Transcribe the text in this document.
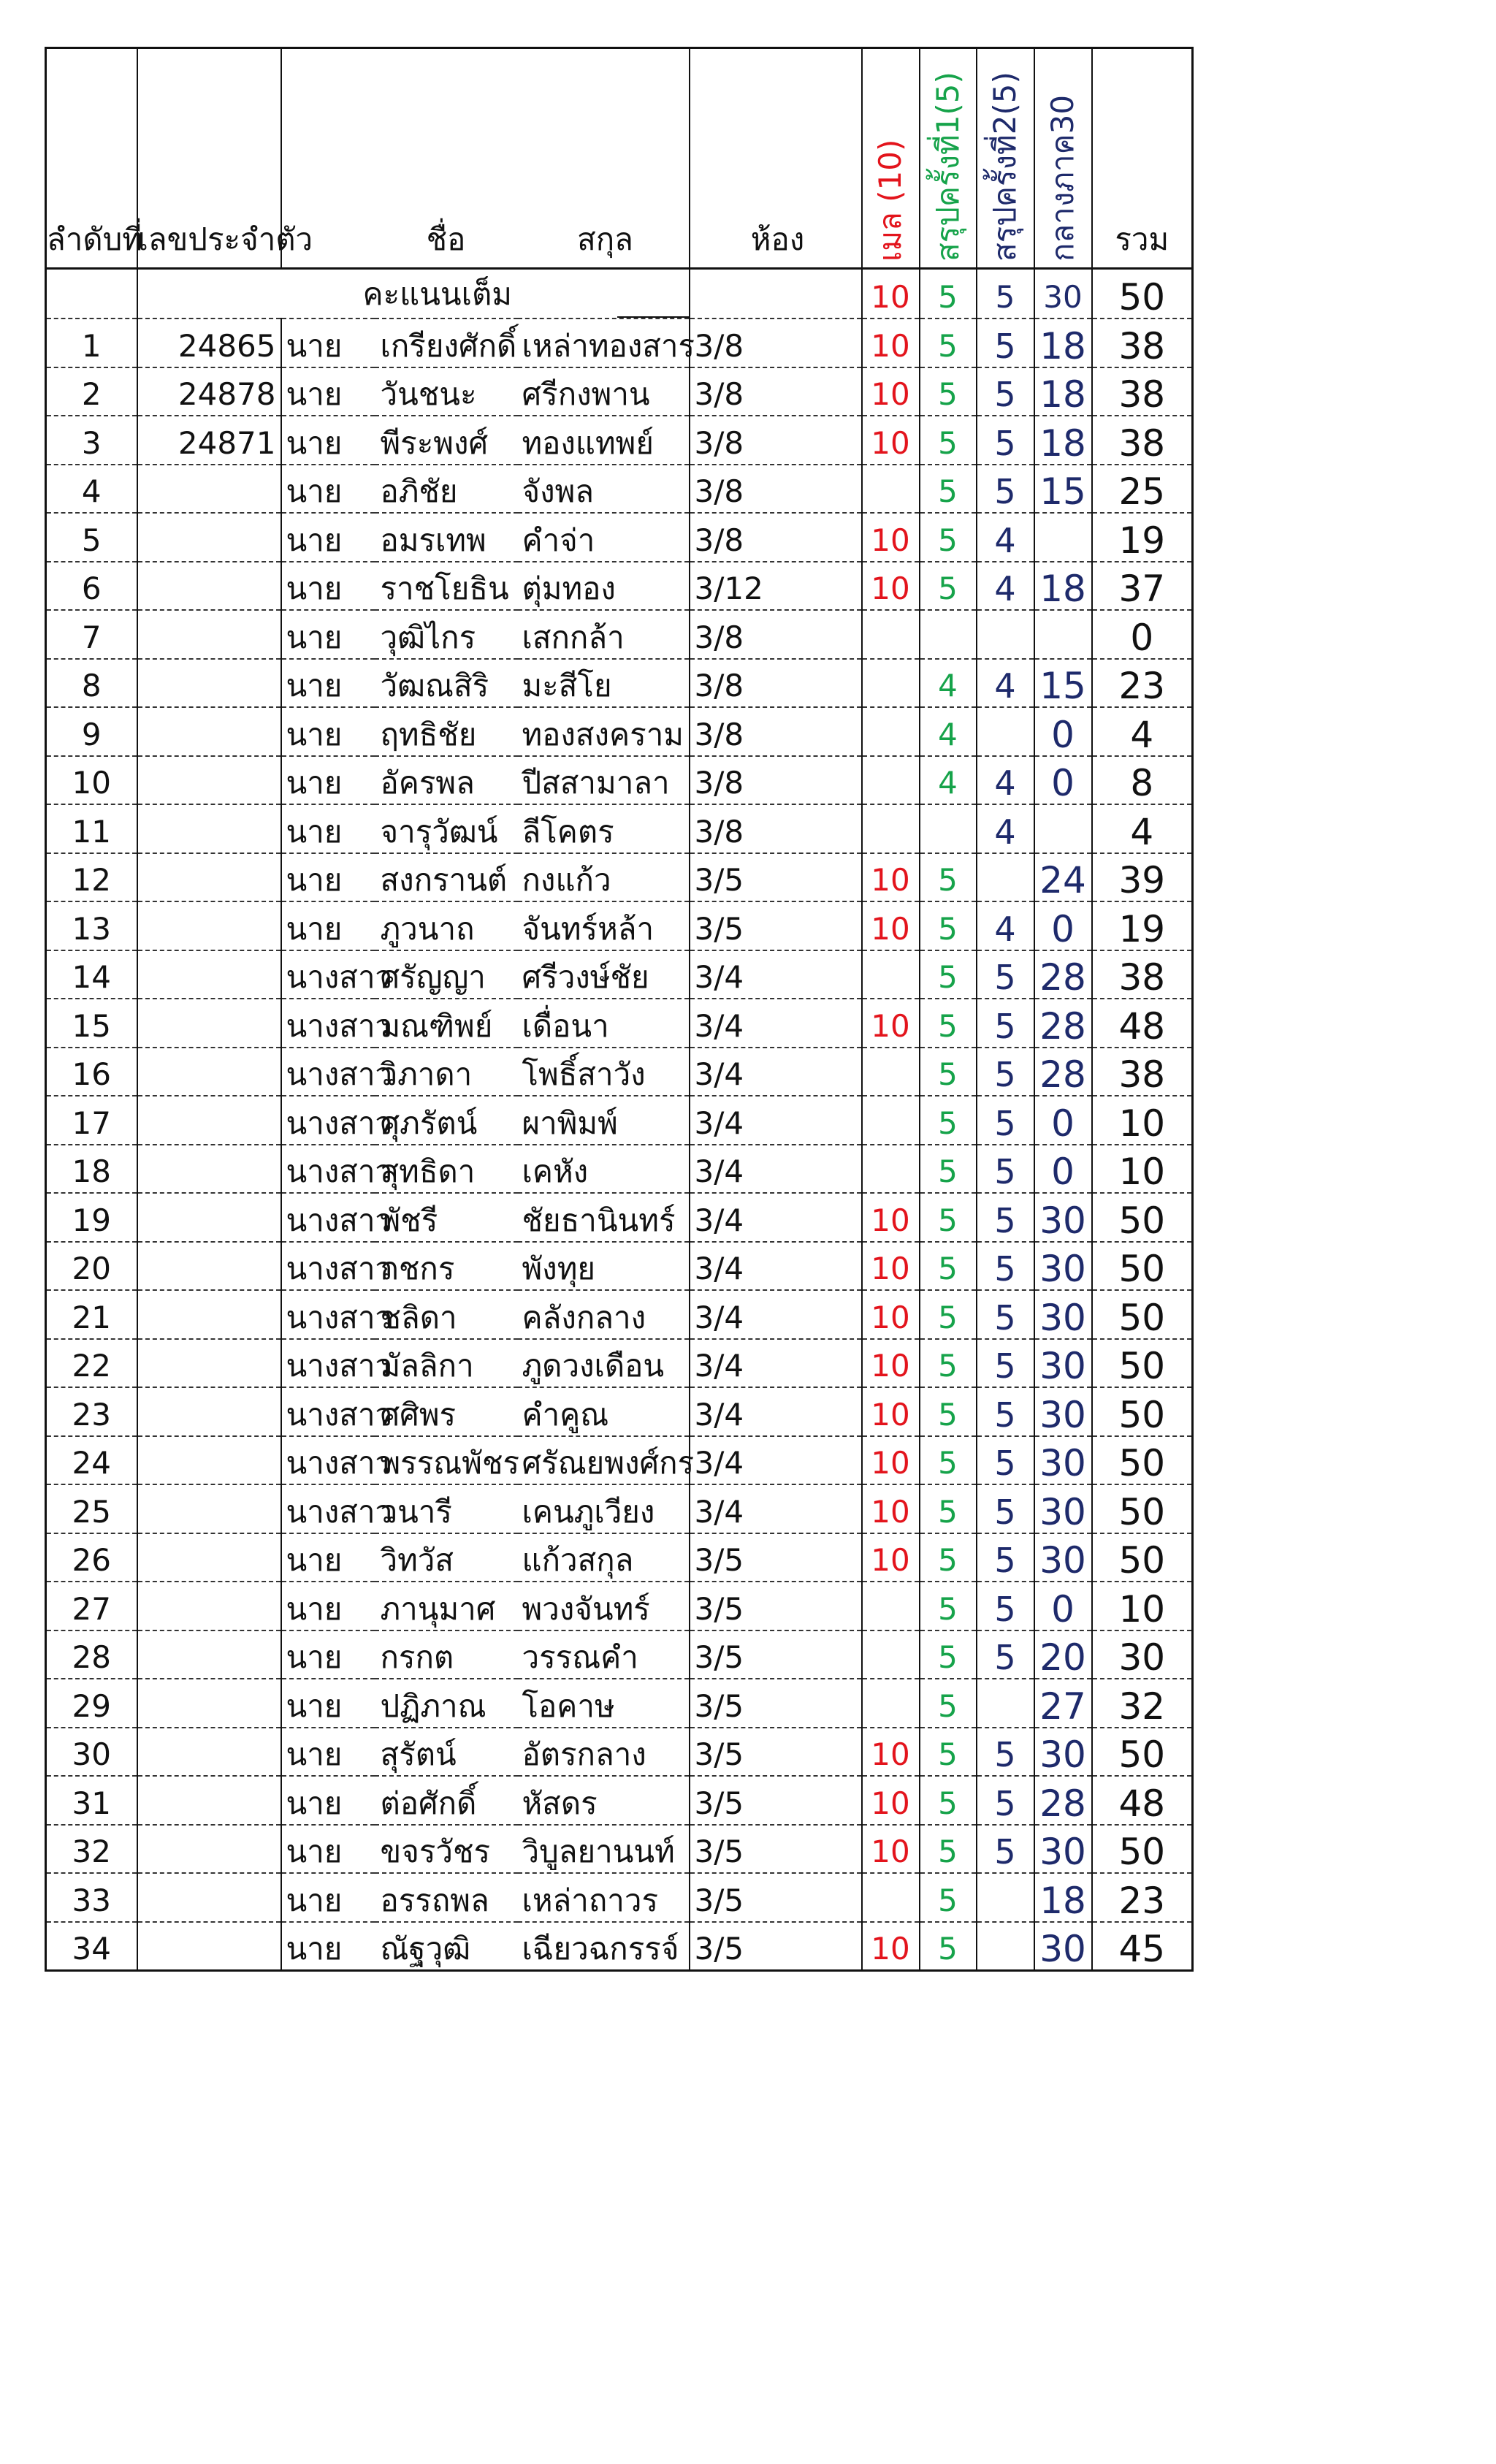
ลำดับที่	เลขประจำตัว		ชื่อ	สกุล	ห้อง	เมล (10)	สรุปครั้งที่1(5)	สรุปครั้งที่2(5)	กลางภาค30	รวม

		คะแนนเต็ม				10	5	5	30	50
1	24865	นาย	เกรียงศักดิ์	เหล่าทองสาร	3/8	10	5	5	18	38
2	24878	นาย	วันชนะ	ศรีกงพาน	3/8	10	5	5	18	38
3	24871	นาย	พีระพงศ์	ทองแทพย์	3/8	10	5	5	18	38
4		นาย	อภิชัย	จังพล	3/8		5	5	15	25
5		นาย	อมรเทพ	คำจ่า	3/8	10	5	4		19
6		นาย	ราชโยธิน	ตุ่มทอง	3/12	10	5	4	18	37
7		นาย	วุฒิไกร	เสกกล้า	3/8					0
8		นาย	วัฒณสิริ	มะสีโย	3/8		4	4	15	23
9		นาย	ฤทธิชัย	ทองสงคราม	3/8		4		0	4
10		นาย	อัครพล	ปีสสามาลา	3/8		4	4	0	8
11		นาย	จารุวัฒน์	ลีโคตร	3/8			4		4
12		นาย	สงกรานต์	กงแก้ว	3/5	10	5		24	39
13		นาย	ภูวนาถ	จันทร์หล้า	3/5	10	5	4	0	19
14		นางสาว	ศรัญญา	ศรีวงษ์ชัย	3/4		5	5	28	38
15		นางสาว	มณฑิพย์	เดื่อนา	3/4	10	5	5	28	48
16		นางสาว	วิภาดา	โพธิ์สาวัง	3/4		5	5	28	38
17		นางสาว	ศุภรัตน์	ผาพิมพ์	3/4		5	5	0	10
18		นางสาว	สุทธิดา	เคหัง	3/4		5	5	0	10
19		นางสาว	พัชรี	ชัยธานินทร์	3/4	10	5	5	30	50
20		นางสาว	กชกร	พังทุย	3/4	10	5	5	30	50
21		นางสาว	ชลิดา	คลังกลาง	3/4	10	5	5	30	50
22		นางสาว	มัลลิกา	ภูดวงเดือน	3/4	10	5	5	30	50
23		นางสาว	ศศิพร	คำคูณ	3/4	10	5	5	30	50
24		นางสาว	พรรณพัชร	ศรัณยพงศ์กร	3/4	10	5	5	30	50
25		นางสาว	วนารี	เคนภูเวียง	3/4	10	5	5	30	50
26		นาย	วิทวัส	แก้วสกุล	3/5	10	5	5	30	50
27		นาย	ภานุมาศ	พวงจันทร์	3/5		5	5	0	10
28		นาย	กรกต	วรรณคำ	3/5		5	5	20	30
29		นาย	ปฏิภาณ	โอคาษ	3/5		5		27	32
30		นาย	สุรัตน์	อัตรกลาง	3/5	10	5	5	30	50
31		นาย	ต่อศักดิ์	หัสดร	3/5	10	5	5	28	48
32		นาย	ขจรวัชร	วิบูลยานนท์	3/5	10	5	5	30	50
33		นาย	อรรถพล	เหล่าถาวร	3/5		5		18	23
34		นาย	ณัฐวุฒิ	เฉียวฉกรรจ์	3/5	10	5		30	45
